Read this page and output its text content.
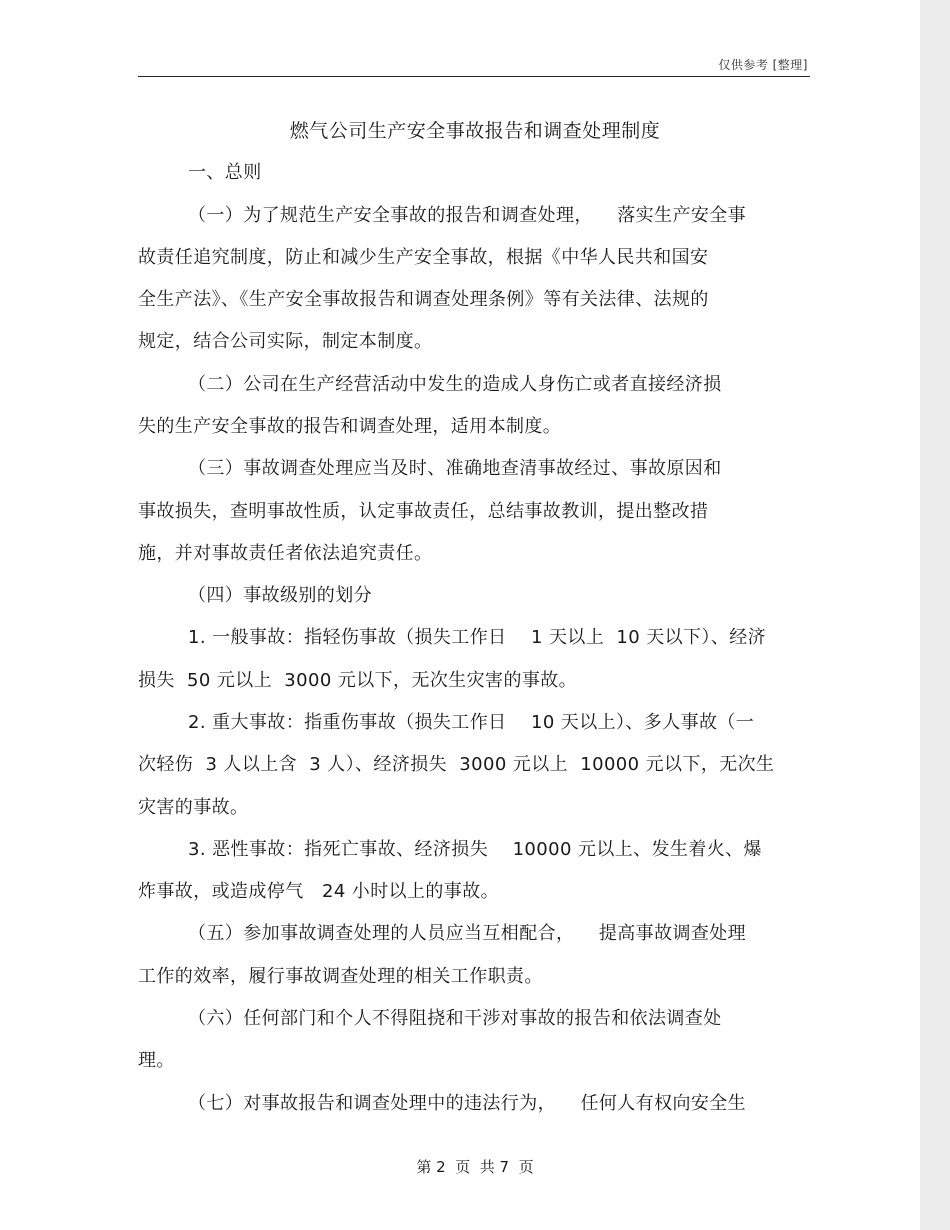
仅供参考 [整理]
燃气公司生产安全事故报告和调查处理制度
一、总则
（一）为了规范生产安全事故的报告和调查处理，    落实生产安全事
故责任追究制度，防止和减少生产安全事故，根据《中华人民共和国安
全生产法》、《生产安全事故报告和调查处理条例》等有关法律、法规的
规定，结合公司实际，制定本制度。
（二）公司在生产经营活动中发生的造成人身伤亡或者直接经济损
失的生产安全事故的报告和调查处理，适用本制度。
（三）事故调查处理应当及时、准确地查清事故经过、事故原因和
事故损失，查明事故性质，认定事故责任，总结事故教训，提出整改措
施，并对事故责任者依法追究责任。
（四）事故级别的划分
1. 一般事故：指轻伤事故（损失工作日    1 天以上  10 天以下）、经济
损失  50 元以上  3000 元以下，无次生灾害的事故。
2. 重大事故：指重伤事故（损失工作日    10 天以上）、多人事故（一
次轻伤  3 人以上含  3 人）、经济损失  3000 元以上  10000 元以下，无次生
灾害的事故。
3. 恶性事故：指死亡事故、经济损失    10000 元以上、发生着火、爆
炸事故，或造成停气   24 小时以上的事故。
（五）参加事故调查处理的人员应当互相配合，    提高事故调查处理
工作的效率，履行事故调查处理的相关工作职责。
（六）任何部门和个人不得阻挠和干涉对事故的报告和依法调查处
理。
（七）对事故报告和调查处理中的违法行为，    任何人有权向安全生
第 2  页  共 7  页
